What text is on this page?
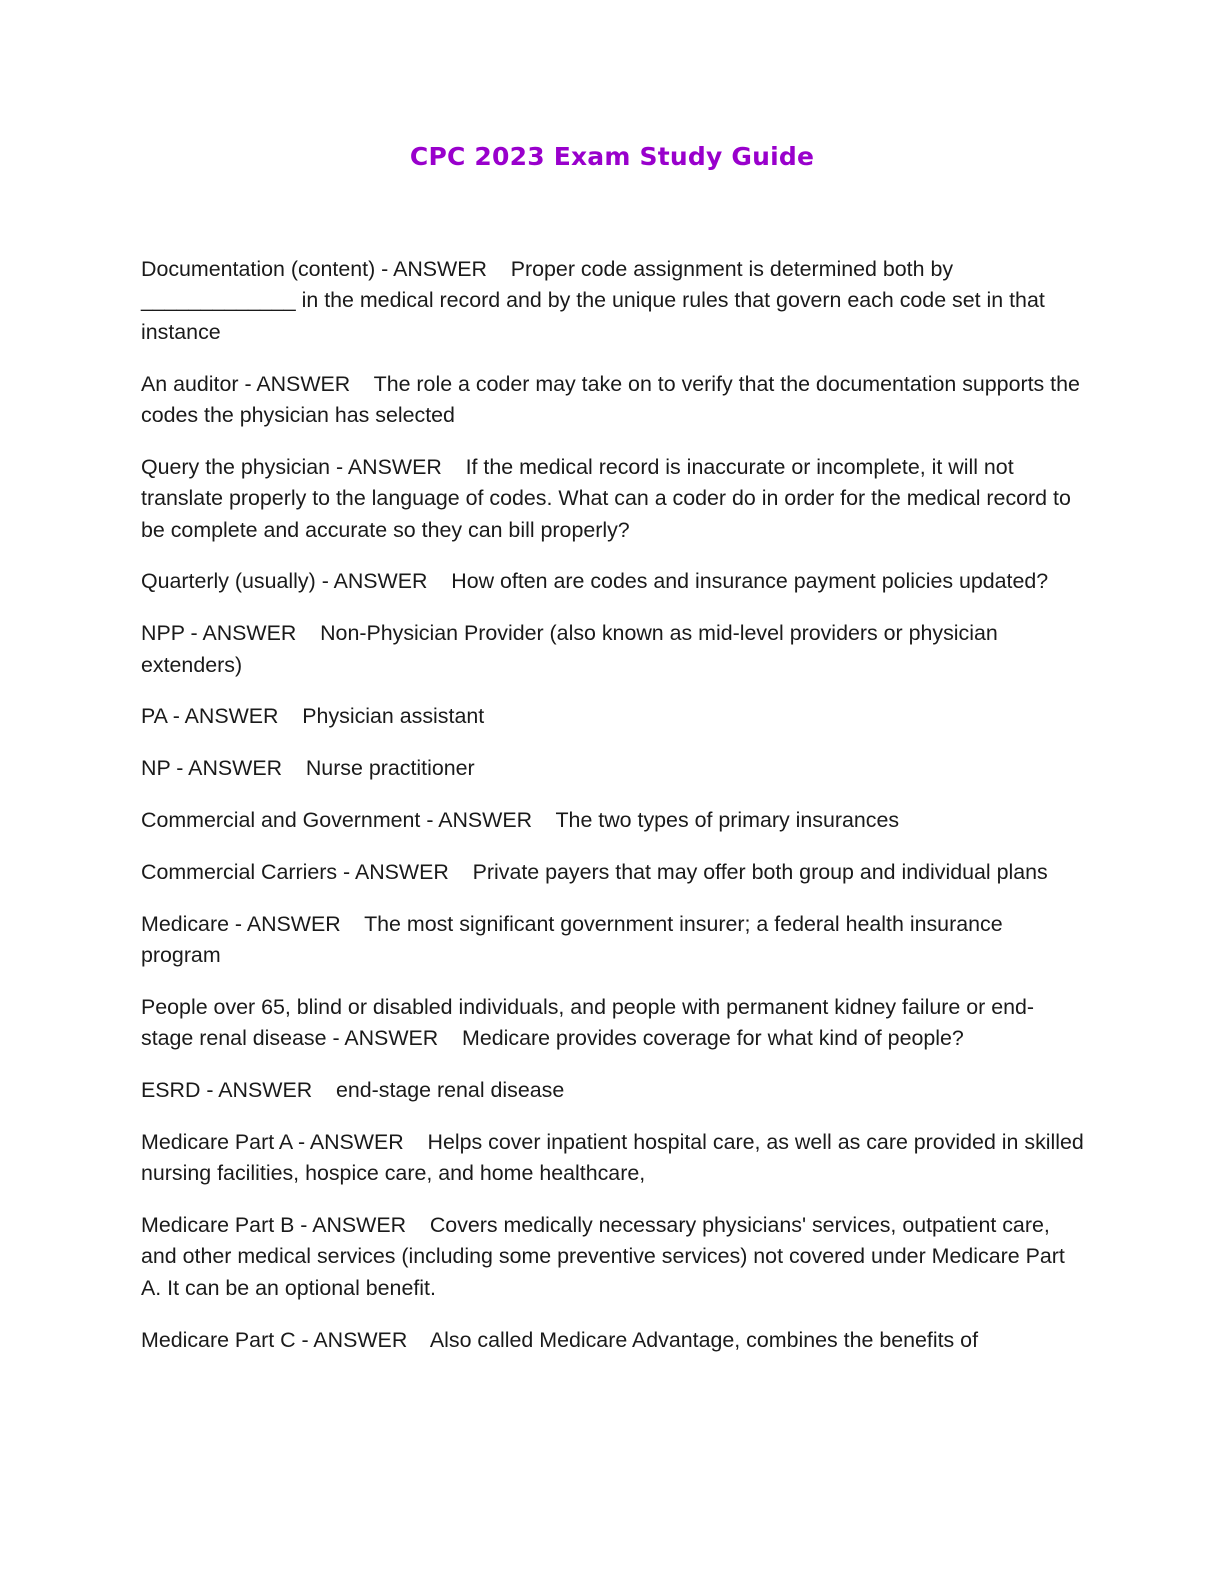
CPC 2023 Exam Study Guide

Documentation (content) - ANSWER    Proper code assignment is determined both by _____________ in the medical record and by the unique rules that govern each code set in that instance

An auditor - ANSWER    The role a coder may take on to verify that the documentation supports the codes the physician has selected

Query the physician - ANSWER    If the medical record is inaccurate or incomplete, it will not translate properly to the language of codes. What can a coder do in order for the medical record to be complete and accurate so they can bill properly?

Quarterly (usually) - ANSWER    How often are codes and insurance payment policies updated?

NPP - ANSWER    Non-Physician Provider (also known as mid-level providers or physician extenders)

PA - ANSWER    Physician assistant

NP - ANSWER    Nurse practitioner

Commercial and Government - ANSWER    The two types of primary insurances

Commercial Carriers - ANSWER    Private payers that may offer both group and individual plans

Medicare - ANSWER    The most significant government insurer; a federal health insurance program

People over 65, blind or disabled individuals, and people with permanent kidney failure or end-stage renal disease - ANSWER    Medicare provides coverage for what kind of people?

ESRD - ANSWER    end-stage renal disease

Medicare Part A - ANSWER    Helps cover inpatient hospital care, as well as care provided in skilled nursing facilities, hospice care, and home healthcare,

Medicare Part B - ANSWER    Covers medically necessary physicians' services, outpatient care, and other medical services (including some preventive services) not covered under Medicare Part A. It can be an optional benefit.

Medicare Part C - ANSWER    Also called Medicare Advantage, combines the benefits of
